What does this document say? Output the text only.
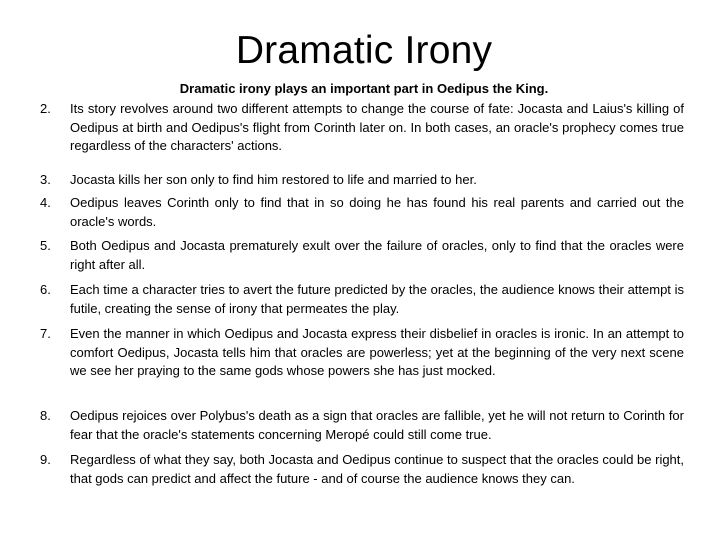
Dramatic Irony
Dramatic irony plays an important part in Oedipus the King.
2.	Its story revolves around two different attempts to change the course of fate: Jocasta and Laius's killing of Oedipus at birth and Oedipus's flight from Corinth later on. In both cases, an oracle's prophecy comes true regardless of the characters' actions.
3.	Jocasta kills her son only to find him restored to life and married to her.
4.	Oedipus leaves Corinth only to find that in so doing he has found his real parents and carried out the oracle's words.
5.	Both Oedipus and Jocasta prematurely exult over the failure of oracles, only to find that the oracles were right after all.
6.	Each time a character tries to avert the future predicted by the oracles, the audience knows their attempt is futile, creating the sense of irony that permeates the play.
7.	Even the manner in which Oedipus and Jocasta express their disbelief in oracles is ironic. In an attempt to comfort Oedipus, Jocasta tells him that oracles are powerless; yet at the beginning of the very next scene we see her praying to the same gods whose powers she has just mocked.
8.	Oedipus rejoices over Polybus's death as a sign that oracles are fallible, yet he will not return to Corinth for fear that the oracle's statements concerning Meropé could still come true.
9.	Regardless of what they say, both Jocasta and Oedipus continue to suspect that the oracles could be right, that gods can predict and affect the future - and of course the audience knows they can.
